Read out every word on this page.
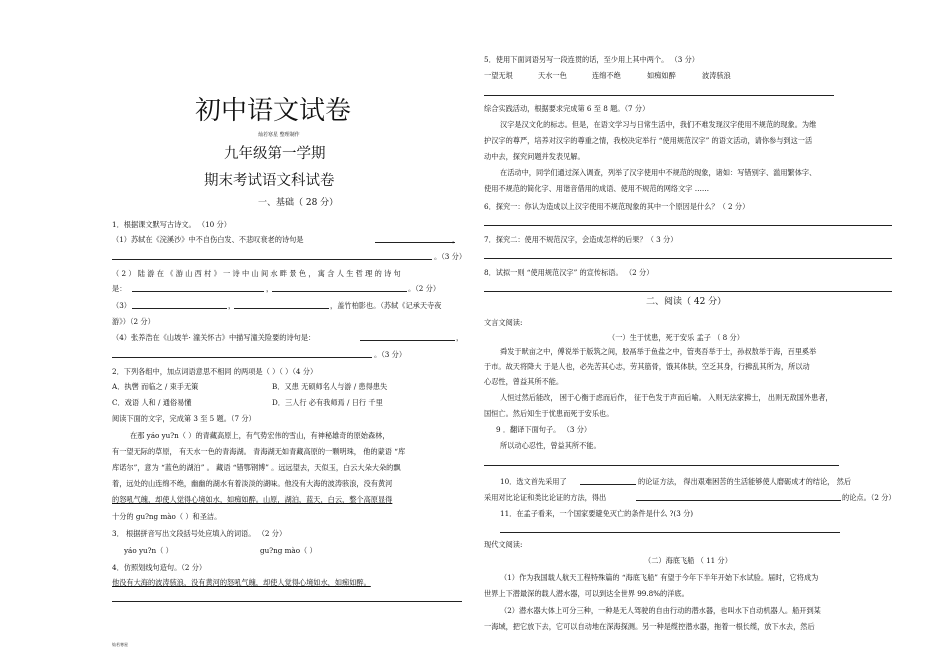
初中语文试卷
灿若寒星 整理制作
九年级第一学期
期末考试语文科试卷
一、基础（ 28 分）
1．根据课文默写古诗文。 （10 分）
（1）苏轼在《浣溪沙》中不自伤白发、不悲叹衰老的诗句是	，
。（3 分）
（ 2 ） 陆 游 在 《 游 山 西 村 》 一 诗 中 山 间 水 畔 景 色 ， 寓 含 人 生 哲 理 的 诗 句
是：	，	。（2 分）
（3）	，	，盖竹柏影也。（苏轼《记承天寺夜
游》）（2 分）
（4）张养浩在《山坡羊· 潼关怀古》中描写潼关险要的诗句是：	，
。（3 分）
2．下列各组中，加点词语意思不相同 的两项是（ ）（ ）（4 分）
A．执辔 而临之 / 束手无策	B．又患 无硕师名人与游 / 患得患失
C．戏语 人和 / 通俗易懂	D．三人行 必有我师焉 / 日行 千里
阅读下面的文字，完成第 3 至 5 题。（7 分）
在那 yáo yu?n（ ）的青藏高原上，有气势宏伟的雪山，有神秘雄奇的原始森林，
有一望无际的草原， 有天水一色的青海湖。 青海湖无如青藏高原的一颗明珠， 他的蒙语 “库
库诺尔”，意为 “蓝色的湖泊” 。 藏语 “错鄂钢博” 。远远望去，天似玉，白云大朵大朵的飘
着，远处的山连绵不绝，幽幽的湖水有着淡淡的湖味。他没有大海的波涛骇浪，没有黄河
的怒吼气魄，却使人觉得心境如水，如痴如醉。山原，湖泊，蓝天，白云，整个高原显得
十分的 gu?ng mào（ ）和圣洁。
3． 根据拼音写出文段括号处应填入的词语。 （2 分）
yáo yu?n（ ）	gu?ng mào（ ）
4．仿照划线句造句。（2 分）
他没有大海的波涛骇浪，没有黄河的怒吼气魄，却使人觉得心境如水，如痴如醉。
灿若寒星
5．使用下面词语另写一段连贯的话，至少用上其中两个。 （3 分）
一望无垠	天水一色	连绵不绝	如痴如醉	波涛骇浪
综合实践活动，根据要求完成第 6 至 8 题。（7 分）
汉字是汉文化的标志。但是，在语文学习与日常生活中，我们不难发现汉字使用不规范的现象。为维
护汉字的尊严，培养对汉字的尊重之情，我校决定举行 “使用规范汉字” 的语文活动，请你参与到这一活
动中去，探究问题并发表见解。
在活动中，同学们通过深入调查，列举了汉字使用中不规范的现象，诸如：写错别字、滥用繁体字、
使用不规范的简化字、用谐音借用的成语、使用不规范的网络文字 ……
6．探究一：你认为造成以上汉字使用不规范现象的其中一个原因是什么？（ 2 分）
7．探究二：使用不规范汉字，会造成怎样的后果？（ 3 分）
8．试拟一则 “使用规范汉字” 的宣传标语。 （2 分）
二、阅读（ 42 分）
文言文阅读:
（一）生于忧患，死于安乐 孟子 （ 8 分）
舜发于畎亩之中，傅说举于版筑之间，胶鬲举于鱼盐之中，管夷吾举于士，孙叔敖举于海，百里奚举
于市。故天将降大 于是人也，必先苦其心志，劳其筋骨，饿其体肤，空乏其身，行拂乱其所为，所以动
心忍性，曾益其所不能。
人恒过然后能改， 困于心衡于虑而后作， 征于色发于声而后喻。 入则无法家拂士， 出则无敌国外患者，
国恒亡。然后知生于忧患而死于安乐也。
9 ．翻译下面句子。 （3 分）
所以动心忍性，曾益其所不能。
10．选文首先采用了	的论证方法， 得出艰难困苦的生活能够使人磨砺成才的结论， 然后
采用对比论证和类比论证的方法，得出	的论点。（2 分）
11．在孟子看来，一个国家要避免灭亡的条件是什么 ?(3 分)
现代文阅读:
（二）海底飞船 （ 11 分）
（1）作为我国载人航天工程特殊篇的 “海底飞船” 有望于今年下半年开始下水试验。届时，它将成为
世界上下潜最深的载人潜水器，可以到达全世界 99.8%的洋底。
（2）潜水器大体上可分三种，一种是无人驾驶的自由行动的潜水器，也叫水下自动机器人。船开到某
一海域，把它放下去，它可以自动地在深海探测。另一种是缆控潜水器，拖着一根长缆，放下水去，然后
